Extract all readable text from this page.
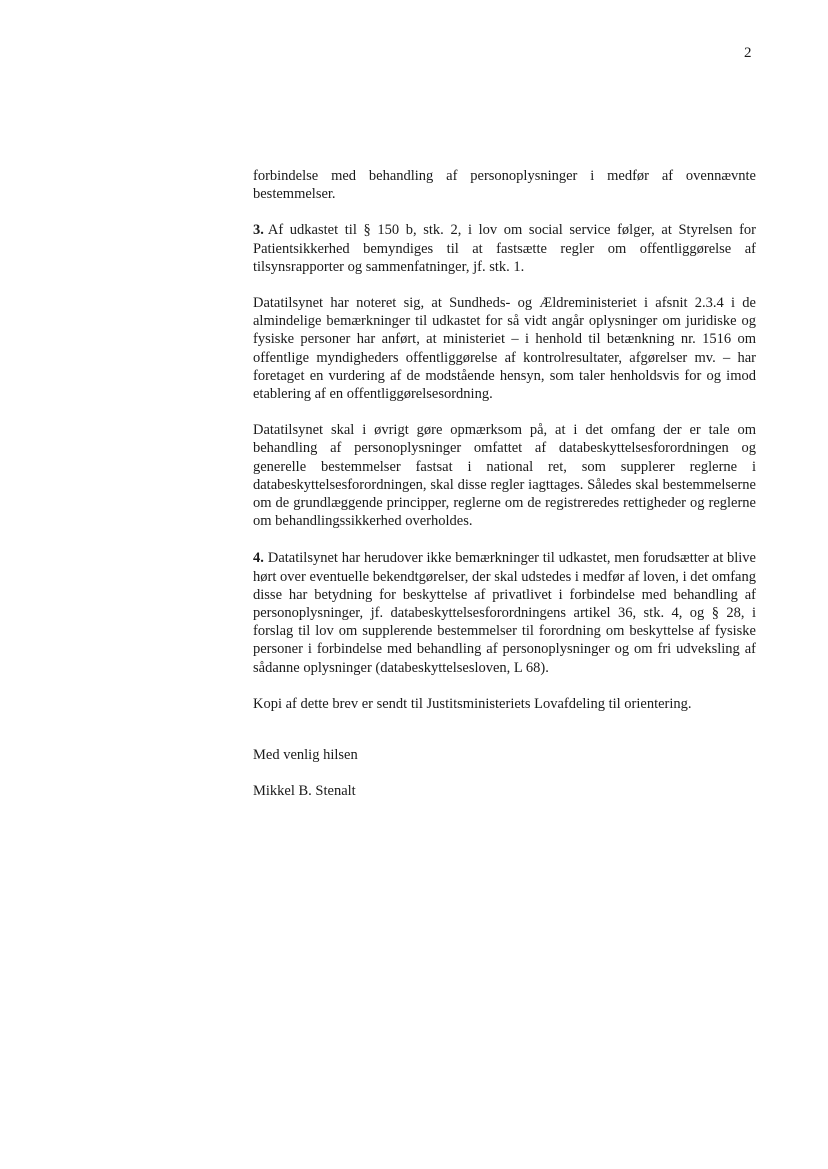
2

forbindelse med behandling af personoplysninger i medfør af ovennævnte bestemmelser.

3. Af udkastet til § 150 b, stk. 2, i lov om social service følger, at Styrelsen for Patientsikkerhed bemyndiges til at fastsætte regler om offentliggørelse af tilsynsrapporter og sammenfatninger, jf. stk. 1.

Datatilsynet har noteret sig, at Sundheds- og Ældreministeriet i afsnit 2.3.4 i de almindelige bemærkninger til udkastet for så vidt angår oplysninger om juridiske og fysiske personer har anført, at ministeriet – i henhold til betænkning nr. 1516 om offentlige myndigheders offentliggørelse af kontrolresultater, afgørelser mv. – har foretaget en vurdering af de modstående hensyn, som taler henholdsvis for og imod etablering af en offentliggørelsesordning.

Datatilsynet skal i øvrigt gøre opmærksom på, at i det omfang der er tale om behandling af personoplysninger omfattet af databeskyttelsesforordningen og generelle bestemmelser fastsat i national ret, som supplerer reglerne i databeskyttelsesforordningen, skal disse regler iagttages. Således skal bestemmelserne om de grundlæggende principper, reglerne om de registreredes rettigheder og reglerne om behandlingssikkerhed overholdes.

4. Datatilsynet har herudover ikke bemærkninger til udkastet, men forudsætter at blive hørt over eventuelle bekendtgørelser, der skal udstedes i medfør af loven, i det omfang disse har betydning for beskyttelse af privatlivet i forbindelse med behandling af personoplysninger, jf. databeskyttelsesforordningens artikel 36, stk. 4, og § 28, i forslag til lov om supplerende bestemmelser til forordning om beskyttelse af fysiske personer i forbindelse med behandling af personoplysninger og om fri udveksling af sådanne oplysninger (databeskyttelsesloven, L 68).

Kopi af dette brev er sendt til Justitsministeriets Lovafdeling til orientering.

Med venlig hilsen

Mikkel B. Stenalt
